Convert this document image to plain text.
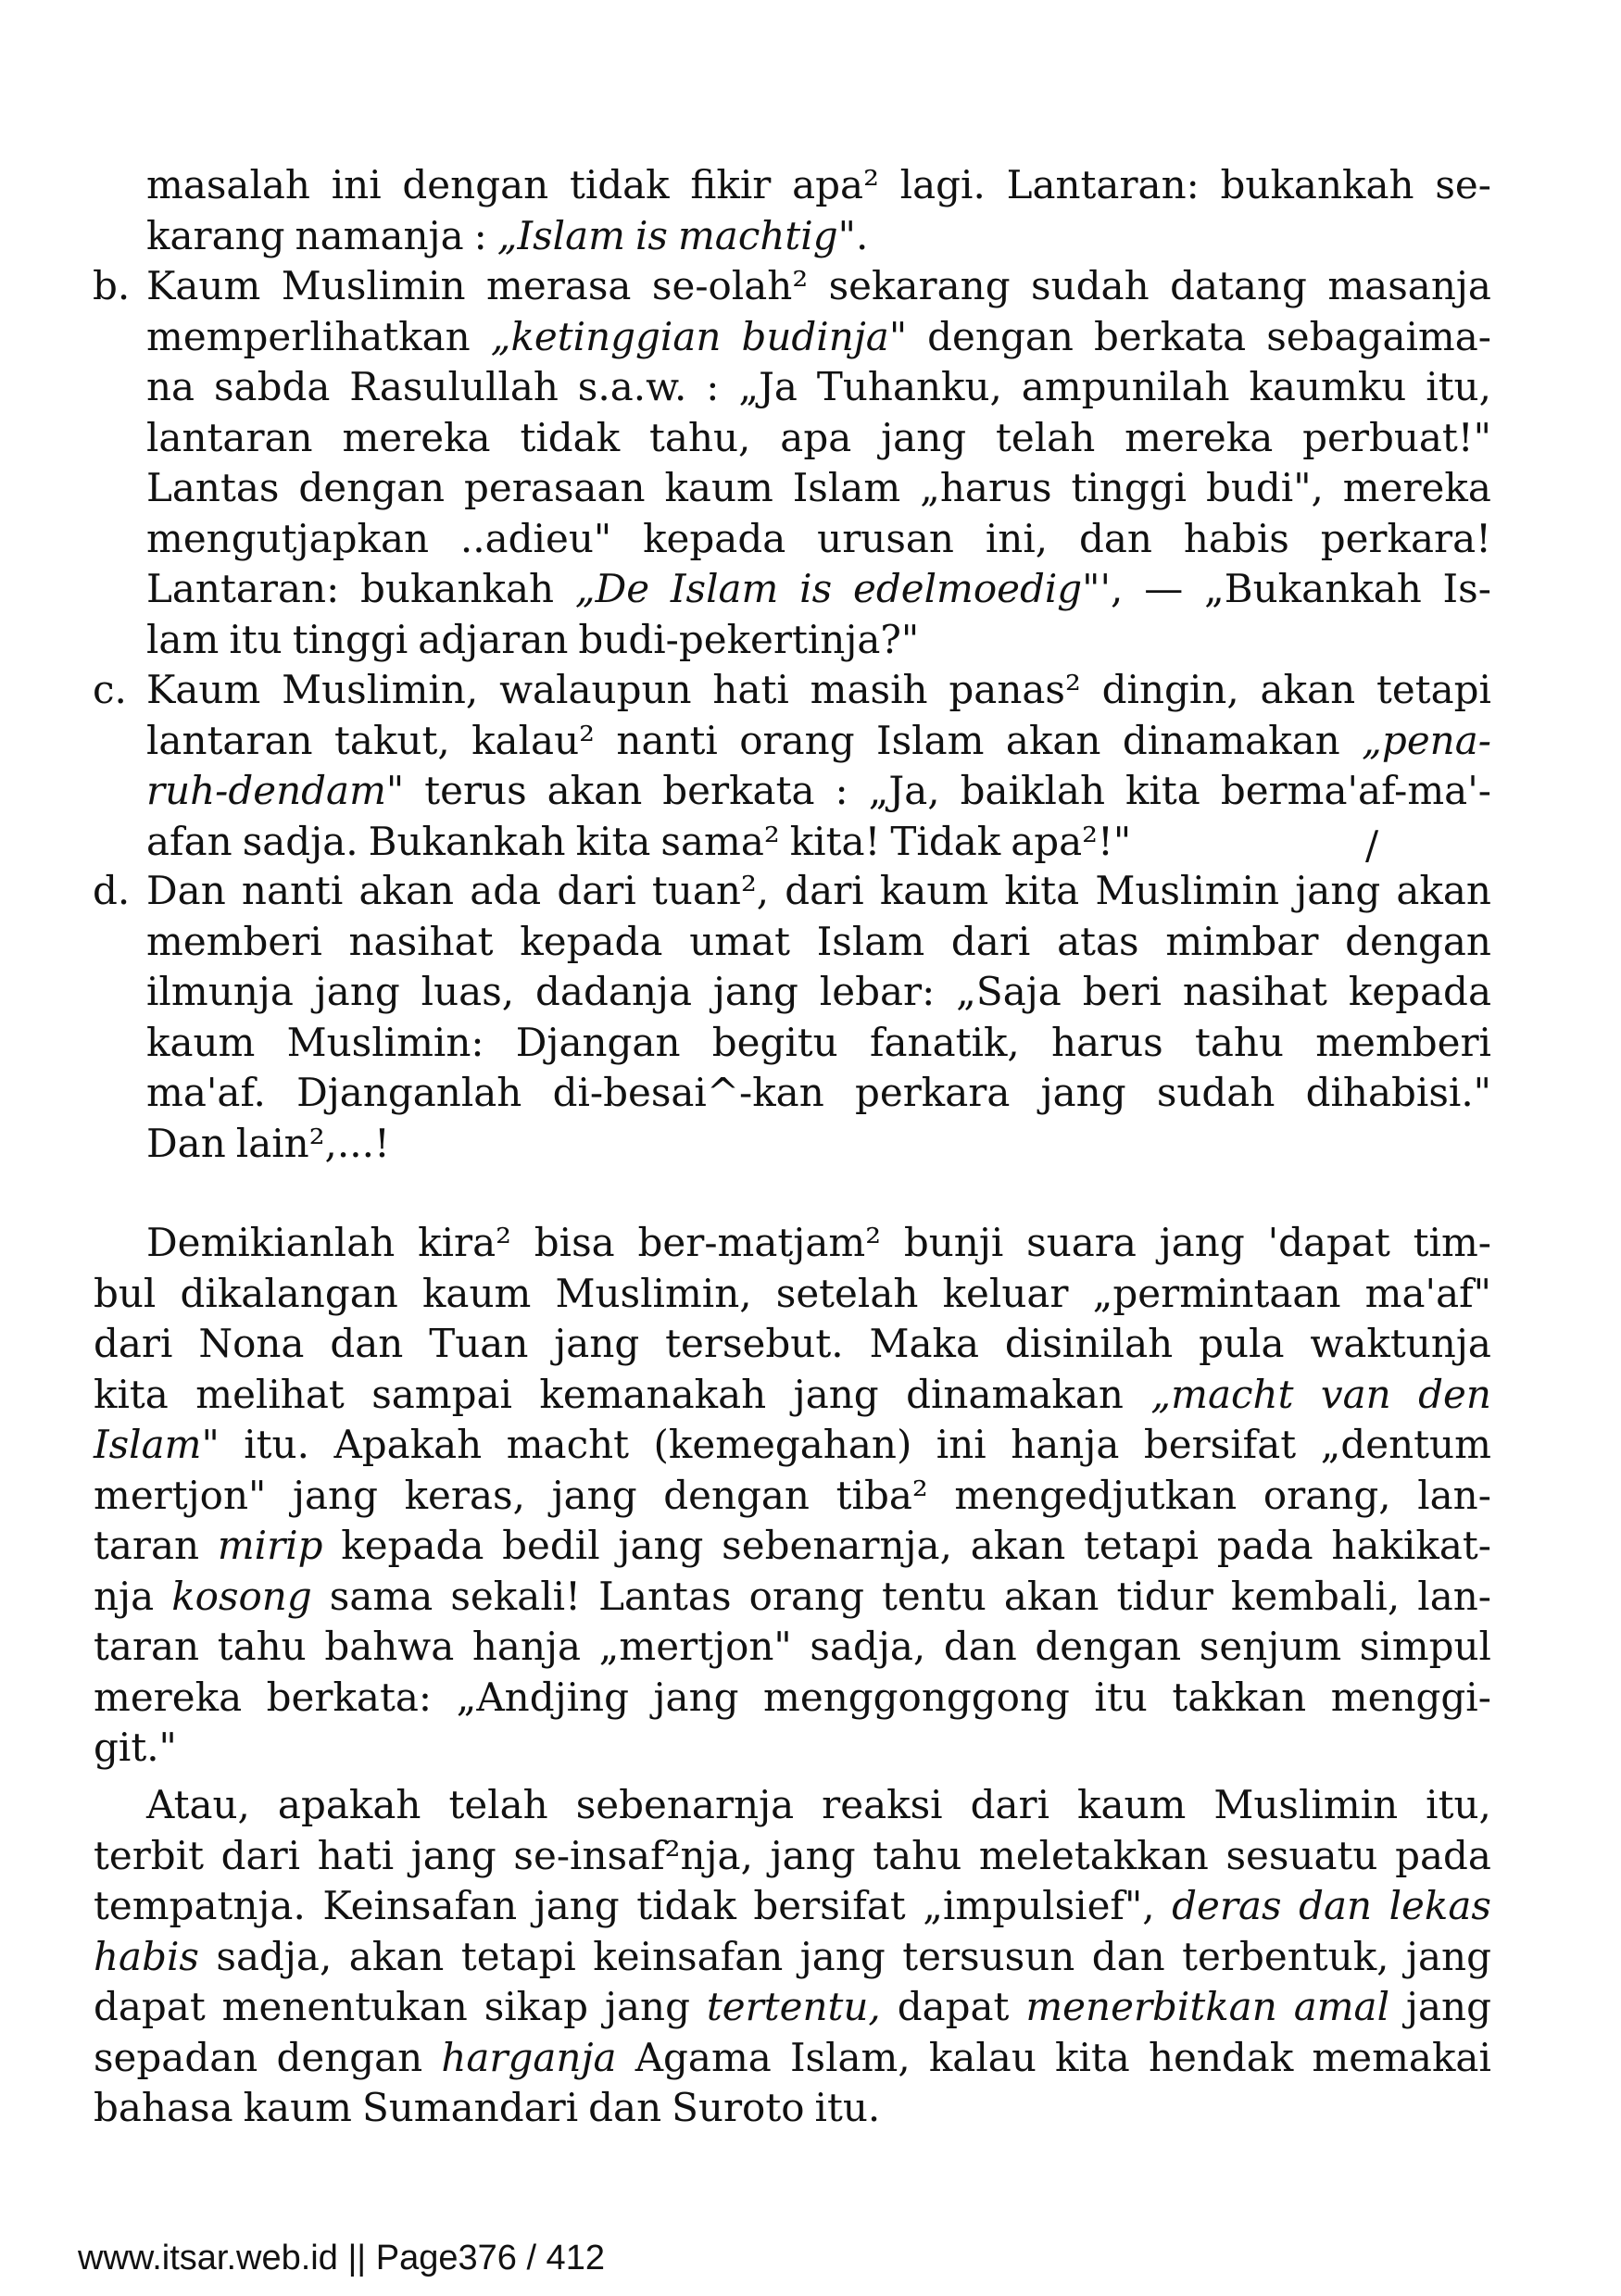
b.
c.
d.
/
masalah ini dengan tidak fikir apa² lagi. Lantaran: bukankah se-
karang namanja : „Islam is machtig".
Kaum Muslimin merasa se-olah² sekarang sudah datang masanja
memperlihatkan „ketinggian budinja" dengan berkata sebagaima-
na sabda Rasulullah s.a.w. : „Ja Tuhanku, ampunilah kaumku itu,
lantaran mereka tidak tahu, apa jang telah mereka perbuat!"
Lantas dengan perasaan kaum Islam „harus tinggi budi", mereka
mengutjapkan ..adieu" kepada urusan ini, dan habis perkara!
Lantaran: bukankah „De Islam is edelmoedig"', — „Bukankah Is-
lam itu tinggi adjaran budi-pekertinja?"
Kaum Muslimin, walaupun hati masih panas² dingin, akan tetapi
lantaran takut, kalau² nanti orang Islam akan dinamakan „pena-
ruh-dendam" terus akan berkata : „Ja, baiklah kita berma'af-ma'-
afan sadja. Bukankah kita sama² kita! Tidak apa²!"
Dan nanti akan ada dari tuan², dari kaum kita Muslimin jang akan
memberi nasihat kepada umat Islam dari atas mimbar dengan
ilmunja jang luas, dadanja jang lebar: „Saja beri nasihat kepada
kaum Muslimin: Djangan begitu fanatik, harus tahu memberi
ma'af. Djanganlah di-besai^-kan perkara jang sudah dihabisi."
Dan lain²,...!
Demikianlah kira² bisa ber-matjam² bunji suara jang 'dapat tim-
bul dikalangan kaum Muslimin, setelah keluar „permintaan ma'af"
dari Nona dan Tuan jang tersebut. Maka disinilah pula waktunja
kita melihat sampai kemanakah jang dinamakan „macht van den
Islam" itu. Apakah macht (kemegahan) ini hanja bersifat „dentum
mertjon" jang keras, jang dengan tiba² mengedjutkan orang, lan-
taran mirip kepada bedil jang sebenarnja, akan tetapi pada hakikat-
nja kosong sama sekali! Lantas orang tentu akan tidur kembali, lan-
taran tahu bahwa hanja „mertjon" sadja, dan dengan senjum simpul
mereka berkata: „Andjing jang menggonggong itu takkan menggi-
git."
Atau, apakah telah sebenarnja reaksi dari kaum Muslimin itu,
terbit dari hati jang se-insaf²nja, jang tahu meletakkan sesuatu pada
tempatnja. Keinsafan jang tidak bersifat „impulsief", deras dan lekas
habis sadja, akan tetapi keinsafan jang tersusun dan terbentuk, jang
dapat menentukan sikap jang tertentu, dapat menerbitkan amal jang
sepadan dengan harganja Agama Islam, kalau kita hendak memakai
bahasa kaum Sumandari dan Suroto itu.
www.itsar.web.id || Page376 / 412
